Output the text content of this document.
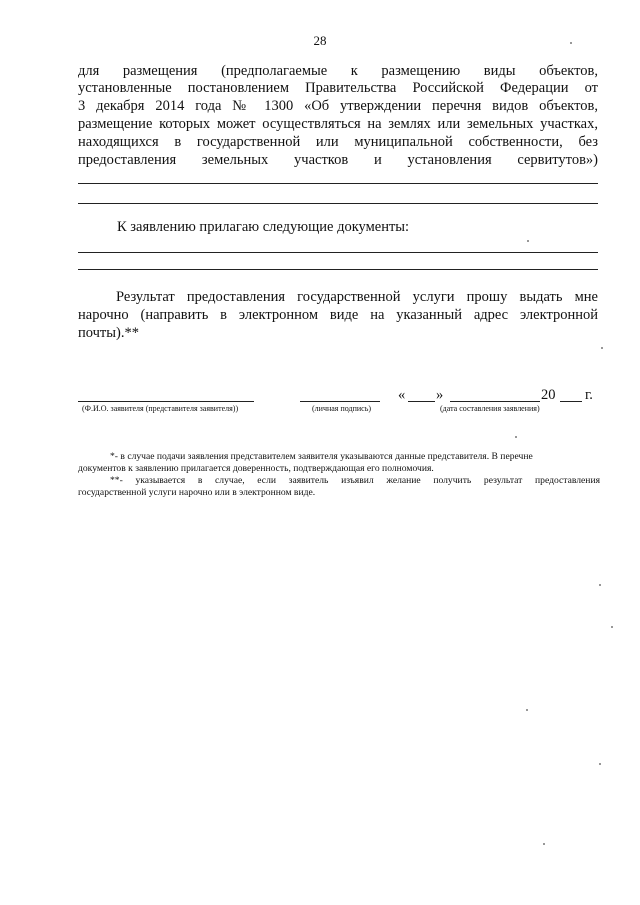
28
для размещения (предполагаемые к размещению виды объектов,
установленные постановлением Правительства Российской Федерации от
3 декабря 2014 года № 1300 «Об утверждении перечня видов объектов,
размещение которых может осуществляться на землях или земельных участках,
находящихся в государственной или муниципальной собственности, без
предоставления земельных участков и установления сервитутов»)
К заявлению прилагаю следующие документы:
Результат предоставления государственной услуги прошу выдать мне
нарочно (направить в электронном виде на указанный адрес электронной
почты).**
(Ф.И.О. заявителя (представителя заявителя))	(личная подпись)
« »	20 г.
(дата составления заявления)
*- в случае подачи заявления представителем заявителя указываются данные представителя. В перечне
документов к заявлению прилагается доверенность, подтверждающая его полномочия.
**- указывается в случае, если заявитель изъявил желание получить результат предоставления
государственной услуги нарочно или в электронном виде.
